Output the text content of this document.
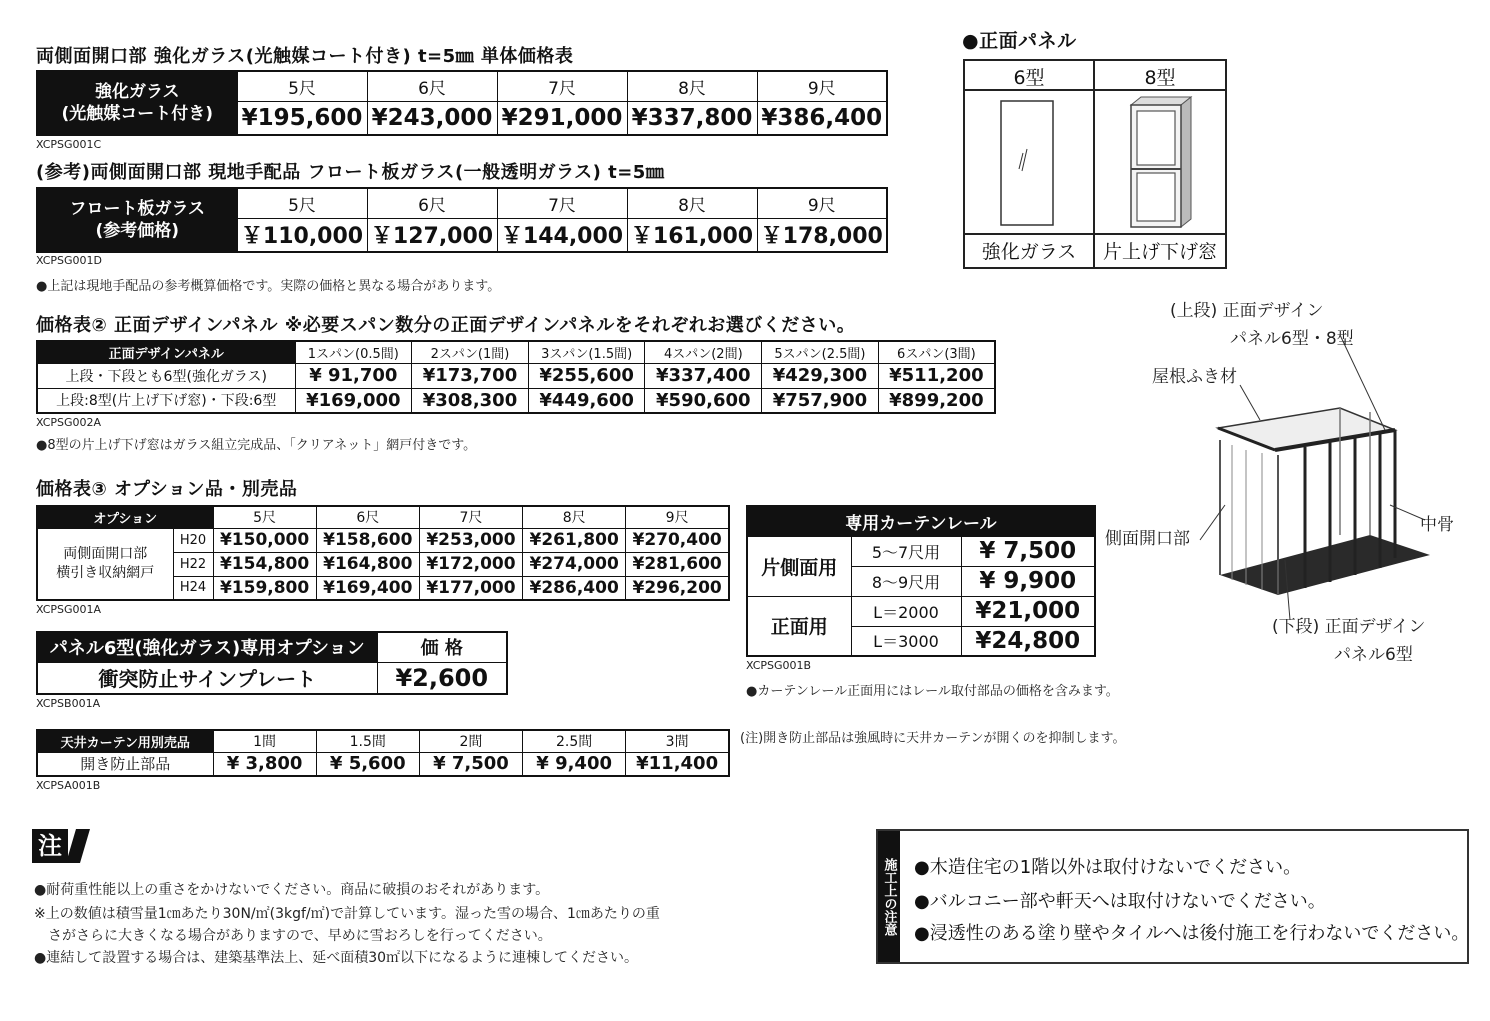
両側面開口部 強化ガラス(光触媒コート付き) t=5㎜ 単体価格表
強化ガラス
(光触媒コート付き)	5尺	6尺	7尺	8尺	9尺
	¥195,600	¥243,000	¥291,000	¥337,800	¥386,400
XCPSG001C
(参考)両側面開口部 現地手配品 フロート板ガラス(一般透明ガラス) t=5㎜
フロート板ガラス
(参考価格)	5尺	6尺	7尺	8尺	9尺
	￥110,000	￥127,000	￥144,000	￥161,000	￥178,000
XCPSG001D
●上記は現地手配品の参考概算価格です。実際の価格と異なる場合があります。
価格表② 正面デザインパネル ※必要スパン数分の正面デザインパネルをそれぞれお選びください。
正面デザインパネル	1スパン(0.5間)	2スパン(1間)	3スパン(1.5間)	4スパン(2間)	5スパン(2.5間)	6スパン(3間)
上段・下段とも6型(強化ガラス)	¥ 91,700	¥173,700	¥255,600	¥337,400	¥429,300	¥511,200
上段:8型(片上げ下げ窓)・下段:6型	¥169,000	¥308,300	¥449,600	¥590,600	¥757,900	¥899,200
XCPSG002A
●8型の片上げ下げ窓はガラス組立完成品、「クリアネット」網戸付きです。
価格表③ オプション品・別売品
オプション		5尺	6尺	7尺	8尺	9尺

両側面開口部
横引き収納網戸	H20	¥150,000	¥158,600	¥253,000	¥261,800	¥270,400
	H22	¥154,800	¥164,800	¥172,000	¥274,000	¥281,600
	H24	¥159,800	¥169,400	¥177,000	¥286,400	¥296,200
XCPSG001A
パネル6型(強化ガラス)専用オプション	価 格
衝突防止サインプレート	¥2,600
XCPSB001A
天井カーテン用別売品	1間	1.5間	2間	2.5間	3間
開き防止部品	¥ 3,800	¥ 5,600	¥ 7,500	¥ 9,400	¥11,400
XCPSA001B
専用カーテンレール		
片側面用	5～7尺用	¥ 7,500
	8～9尺用	¥ 9,900
正面用	L＝2000	¥21,000
	L＝3000	¥24,800
XCPSG001B
●カーテンレール正面用にはレール取付部品の価格を含みます。
(注)開き防止部品は強風時に天井カーテンが開くのを抑制します。
●正面パネル
6型	8型
強化ガラス	片上げ下げ窓
(上段) 正面デザイン
パネル6型・8型
屋根ふき材
側面開口部
中骨
(下段) 正面デザイン
パネル6型
注
●耐荷重性能以上の重さをかけないでください。商品に破損のおそれがあります。
※上の数値は積雪量1㎝あたり30N/㎡(3kgf/㎡)で計算しています。湿った雪の場合、1㎝あたりの重
　さがさらに大きくなる場合がありますので、早めに雪おろしを行ってください。
●連結して設置する場合は、建築基準法上、延べ面積30㎡以下になるように連棟してください。
施工上の注意 ●木造住宅の1階以外は取付けないでください。
●バルコニー部や軒天へは取付けないでください。
●浸透性のある塗り壁やタイルへは後付施工を行わないでください。
